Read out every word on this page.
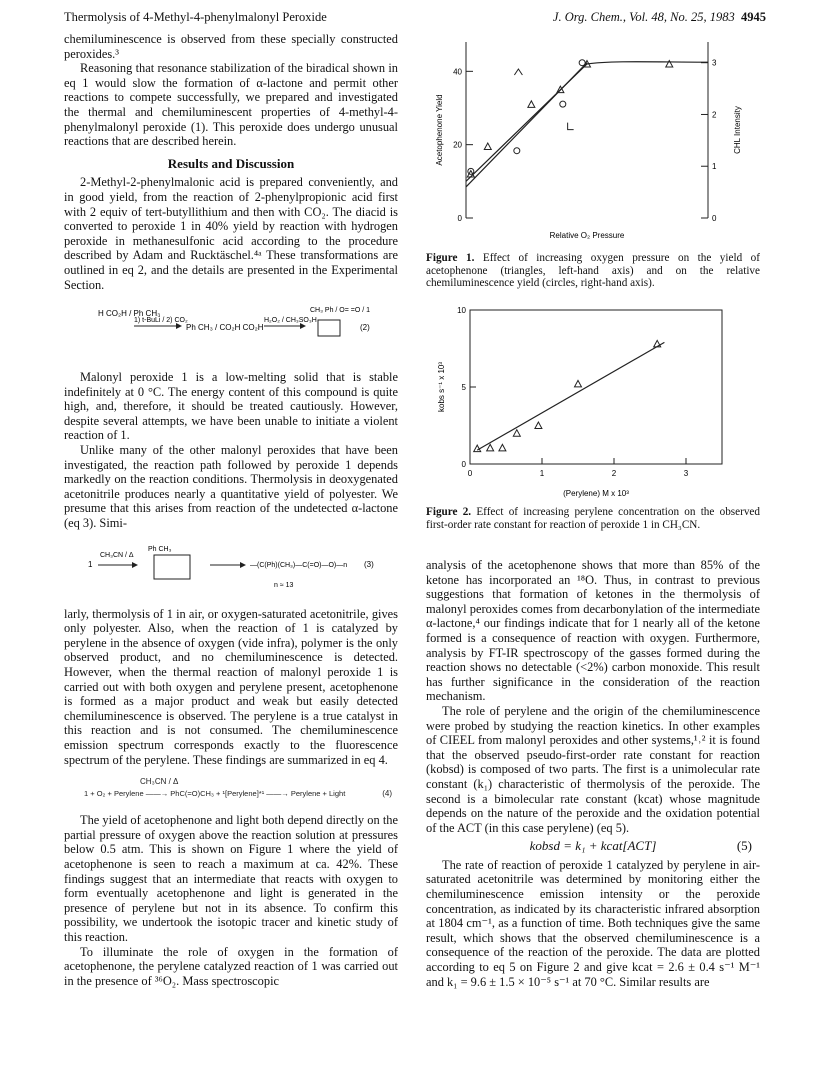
Thermolysis of 4-Methyl-4-phenylmalonyl Peroxide	J. Org. Chem., Vol. 48, No. 25, 1983 4945

chemiluminescence is observed from these specially constructed peroxides.³

Reasoning that resonance stabilization of the biradical shown in eq 1 would slow the formation of α-lactone and permit other reactions to compete successfully, we prepared and investigated the thermal and chemiluminescent properties of 4-methyl-4-phenylmalonyl peroxide (1). This peroxide does undergo unusual reactions that are described herein.

Results and Discussion

2-Methyl-2-phenylmalonic acid is prepared conveniently, and in good yield, from the reaction of 2-phenylpropionic acid first with 2 equiv of tert-butyllithium and then with CO₂. The diacid is converted to peroxide 1 in 40% yield by reaction with hydrogen peroxide in methanesulfonic acid according to the procedure described by Adam and Rucktäschel.⁴ᵃ These transformations are outlined in eq 2, and the details are presented in the Experimental Section.

H CO₂H / Ph CH₃
1) t-BuLi / 2) CO₂
Ph CH₃ / CO₂H CO₂H
H₂O₂ / CH₃SO₃H
CH₃ Ph / O= =O / 1
(2)

Malonyl peroxide 1 is a low-melting solid that is stable indefinitely at 0 °C. The energy content of this compound is quite high, and, therefore, it should be treated cautiously. However, despite several attempts, we have been unable to initiate a violent reaction of 1.

Unlike many of the other malonyl peroxides that have been investigated, the reaction path followed by peroxide 1 depends markedly on the reaction conditions. Thermolysis in deoxygenated acetonitrile produces nearly a quantitative yield of polyester. We presume that this arises from reaction of the undetected α-lactone (eq 3). Simi-

1
CH₃CN / Δ
Ph CH₃
—(C(Ph)(CH₃)—C(=O)—O)—n
n ≈ 13
(3)

larly, thermolysis of 1 in air, or oxygen-saturated acetonitrile, gives only polyester. Also, when the reaction of 1 is catalyzed by perylene in the absence of oxygen (vide infra), polymer is the only observed product, and no chemiluminescence is detected. However, when the thermal reaction of malonyl peroxide 1 is carried out with both oxygen and perylene present, acetophenone is formed as a major product and weak but easily detected chemiluminescence is observed. The perylene is a true catalyst in this reaction and is not consumed. The chemiluminescence emission spectrum corresponds exactly to the fluorescence spectrum of the perylene. These findings are summarized in eq 4.

CH₃CN / Δ
1 + O₂ + Perylene ——→ PhC(=O)CH₃ + ¹[Perylene]*¹ ——→ Perylene + Light	(4)

The yield of acetophenone and light both depend directly on the partial pressure of oxygen above the reaction solution at pressures below 0.5 atm. This is shown on Figure 1 where the yield of acetophenone is seen to reach a maximum at ca. 42%. These findings suggest that an intermediate that reacts with oxygen to form eventually acetophenone and light is generated in the presence of perylene but not in its absence. To confirm this possibility, we undertook the isotopic tracer and kinetic study of this reaction.

To illuminate the role of oxygen in the formation of acetophenone, the perylene catalyzed reaction of 1 was carried out in the presence of ³⁶O₂. Mass spectroscopic

0
20
40
0
1
2
3
Relative O₂ Pressure
Acetophenone Yield	CHL Intensity
Figure 1. Effect of increasing oxygen pressure on the yield of acetophenone (triangles, left-hand axis) and on the relative chemiluminescence yield (circles, right-hand axis).
0	1	2	3
0
5
10
(Perylene) M x 10³
kobs s⁻¹ x 10³
Figure 2. Effect of increasing perylene concentration on the observed first-order rate constant for reaction of peroxide 1 in CH₃CN.

analysis of the acetophenone shows that more than 85% of the ketone has incorporated an ¹⁸O. Thus, in contrast to previous suggestions that formation of ketones in the thermolysis of malonyl peroxides comes from decarbonylation of the intermediate α-lactone,⁴ our findings indicate that for 1 nearly all of the ketone formed is a consequence of reaction with oxygen. Furthermore, analysis by FT-IR spectroscopy of the gasses formed during the reaction shows no detectable (<2%) carbon monoxide. This result has further significance in the consideration of the reaction mechanism.

The role of perylene and the origin of the chemiluminescence were probed by studying the reaction kinetics. In other examples of CIEEL from malonyl peroxides and other systems,¹˒² it is found that the observed pseudo-first-order rate constant for reaction (kobsd) is composed of two parts. The first is a unimolecular rate constant (k₁) characteristic of thermolysis of the peroxide. The second is a bimolecular rate constant (kcat) whose magnitude depends on the nature of the peroxide and the oxidation potential of the ACT (in this case perylene) (eq 5).

kobsd = k₁ + kcat[ACT]	(5)

The rate of reaction of peroxide 1 catalyzed by perylene in air-saturated acetonitrile was determined by monitoring either the chemiluminescence emission intensity or the peroxide concentration, as indicated by its characteristic infrared absorption at 1804 cm⁻¹, as a function of time. Both techniques give the same result, which shows that the observed chemiluminescence is a consequence of the reaction of the peroxide. The data are plotted according to eq 5 on Figure 2 and give kcat = 2.6 ± 0.4 s⁻¹ M⁻¹ and k₁ = 9.6 ± 1.5 × 10⁻⁵ s⁻¹ at 70 °C. Similar results are
